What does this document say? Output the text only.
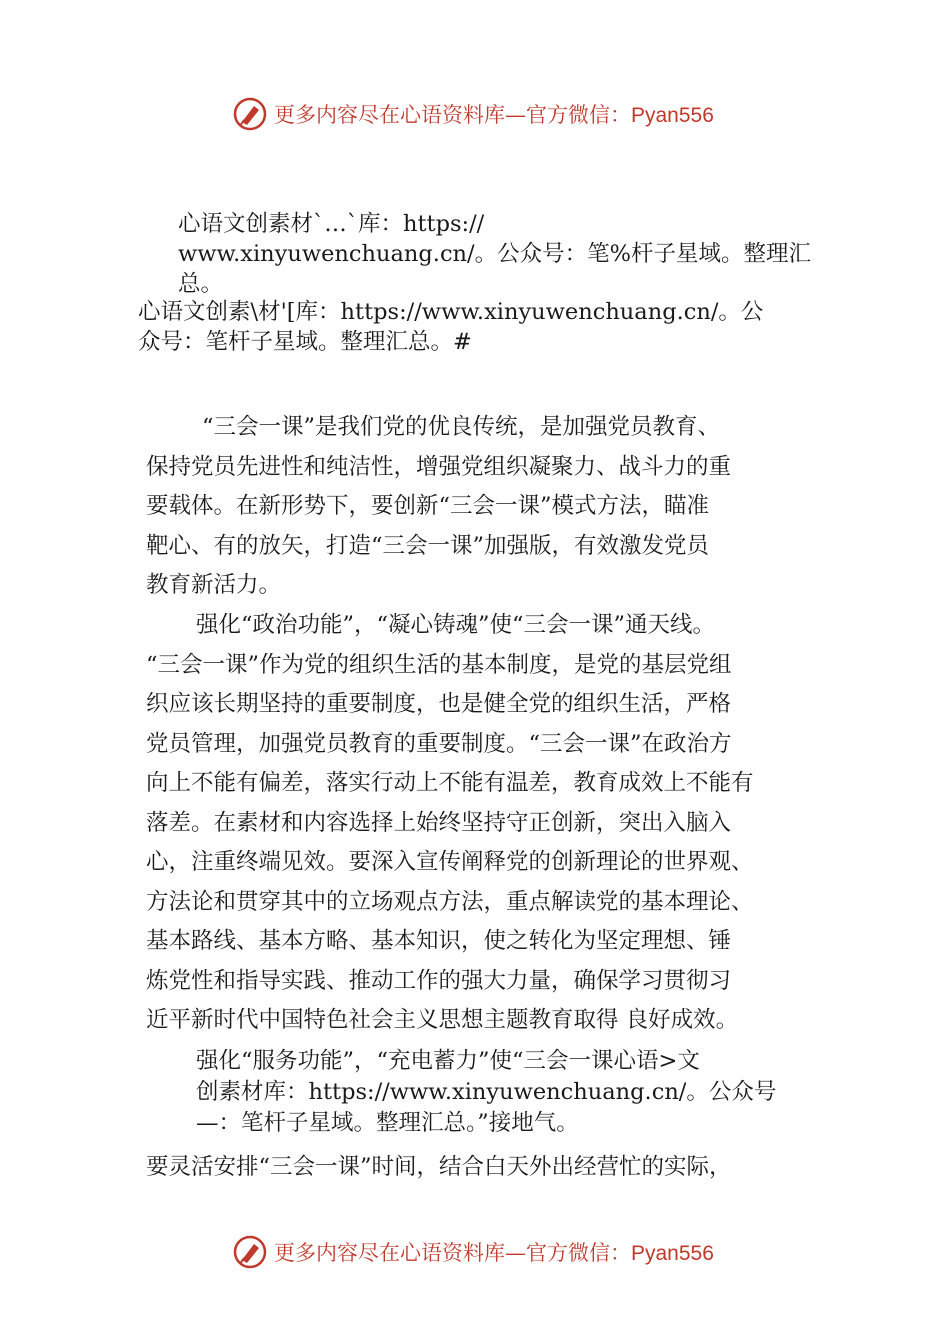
更多内容尽在心语资料库—官方微信：Pyan556
心语文创素材`…`库：https://
www.xinyuwenchuang.cn/。公众号：笔%杆子星域。整理汇
总。
心语文创素\材'[库：https://www.xinyuwenchuang.cn/。公
众号：笔杆子星域。整理汇总。#
“三会一课”是我们党的优良传统，是加强党员教育、
保持党员先进性和纯洁性，增强党组织凝聚力、战斗力的重
要载体。在新形势下，要创新“三会一课”模式方法，瞄准
靶心、有的放矢，打造“三会一课”加强版，有效激发党员
教育新活力。
强化“政治功能”，“凝心铸魂”使“三会一课”通天线。
“三会一课”作为党的组织生活的基本制度，是党的基层党组
织应该长期坚持的重要制度，也是健全党的组织生活，严格
党员管理，加强党员教育的重要制度。“三会一课”在政治方
向上不能有偏差，落实行动上不能有温差，教育成效上不能有
落差。在素材和内容选择上始终坚持守正创新，突出入脑入
心，注重终端见效。要深入宣传阐释党的创新理论的世界观、
方法论和贯穿其中的立场观点方法，重点解读党的基本理论、
基本路线、基本方略、基本知识，使之转化为坚定理想、锤
炼党性和指导实践、推动工作的强大力量，确保学习贯彻习
近平新时代中国特色社会主义思想主题教育取得 良好成效。
强化“服务功能”，“充电蓄力”使“三会一课心语>文
创素材库：https://www.xinyuwenchuang.cn/。公众号
—：笔杆子星域。整理汇总。”接地气。
要灵活安排“三会一课”时间，结合白天外出经营忙的实际，
更多内容尽在心语资料库—官方微信：Pyan556
